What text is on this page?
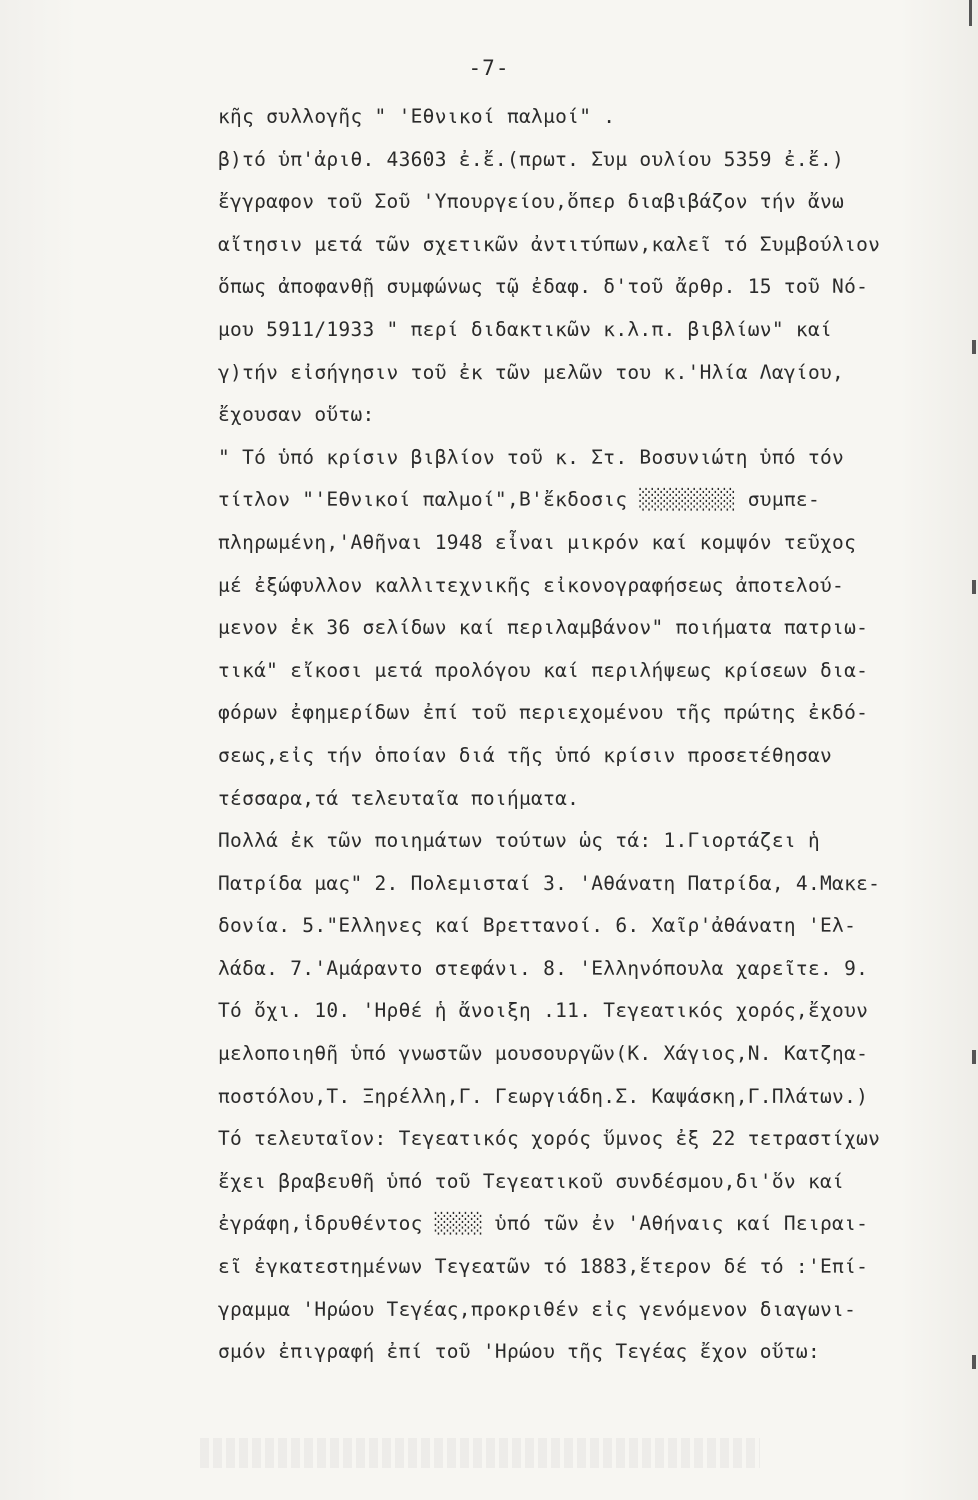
-7-
κῆς συλλογῆς " 'Εθνικοί παλμοί" .
β)τό ὑπ'ἀριθ. 43603 ἐ.ἔ.(πρωτ. Συμ ουλίου 5359 ἐ.ἔ.)
ἔγγραφον τοῦ Σοῦ 'Υπουργείου,ὅπερ διαβιβάζον τήν ἄνω
αἴτησιν μετά τῶν σχετικῶν ἀντιτύπων,καλεῖ τό Συμβούλιον
ὅπως ἀποφανθῇ συμφώνως τῷ ἐδαφ. δ'τοῦ ἄρθρ. 15 τοῦ Νό-
μου 5911/1933 " περί διδακτικῶν κ.λ.π. βιβλίων" καί
γ)τήν εἰσήγησιν τοῦ ἐκ τῶν μελῶν του κ.'Ηλία Λαγίου,
ἔχουσαν οὕτω:
" Τό ὑπό κρίσιν βιβλίον τοῦ κ. Στ. Βοσυνιώτη ὑπό τόν
τίτλον "'Εθνικοί παλμοί",Β'ἔκδοσις ░░░░░░░░ συμπε-
πληρωμένη,'Αθῆναι 1948 εἶναι μικρόν καί κομψόν τεῦχος
μέ ἐξώφυλλον καλλιτεχνικῆς εἰκονογραφήσεως ἀποτελού-
μενον ἐκ 36 σελίδων καί περιλαμβάνον" ποιήματα πατριω-
τικά" εἴκοσι μετά προλόγου καί περιλήψεως κρίσεων δια-
φόρων ἐφημερίδων ἐπί τοῦ περιεχομένου τῆς πρώτης ἐκδό-
σεως,εἰς τήν ὁποίαν διά τῆς ὑπό κρίσιν προσετέθησαν
τέσσαρα,τά τελευταῖα ποιήματα.
Πολλά ἐκ τῶν ποιημάτων τούτων ὡς τά: 1.Γιορτάζει ἡ
Πατρίδα μας" 2. Πολεμισταί 3. 'Αθάνατη Πατρίδα, 4.Μακε-
δονία. 5."Ελληνες καί Βρεττανοί. 6. Χαῖρ'ἀθάνατη 'Ελ-
λάδα. 7.'Αμάραντο στεφάνι. 8. 'Ελληνόπουλα χαρεῖτε. 9.
Τό ὄχι. 10. 'Ηρθέ ἡ ἄνοιξη .11. Τεγεατικός χορός,ἔχουν
μελοποιηθῆ ὑπό γνωστῶν μουσουργῶν(Κ. Χάγιος,Ν. Κατζηα-
ποστόλου,Τ. Ξηρέλλη,Γ. Γεωργιάδη.Σ. Καψάσκη,Γ.Πλάτων.)
Τό τελευταῖον: Τεγεατικός χορός ὕμνος ἐξ 22 τετραστίχων
ἔχει βραβευθῆ ὑπό τοῦ Τεγεατικοῦ συνδέσμου,δι'ὅν καί
ἐγράφη,ἱδρυθέντος ░░░░ ὑπό τῶν ἐν 'Αθήναις καί Πειραι-
εῖ ἐγκατεστημένων Τεγεατῶν τό 1883,ἕτερον δέ τό :'Επί-
γραμμα 'Ηρώου Τεγέας,προκριθέν εἰς γενόμενον διαγωνι-
σμόν ἐπιγραφή ἐπί τοῦ 'Ηρώου τῆς Τεγέας ἔχον οὕτω:
